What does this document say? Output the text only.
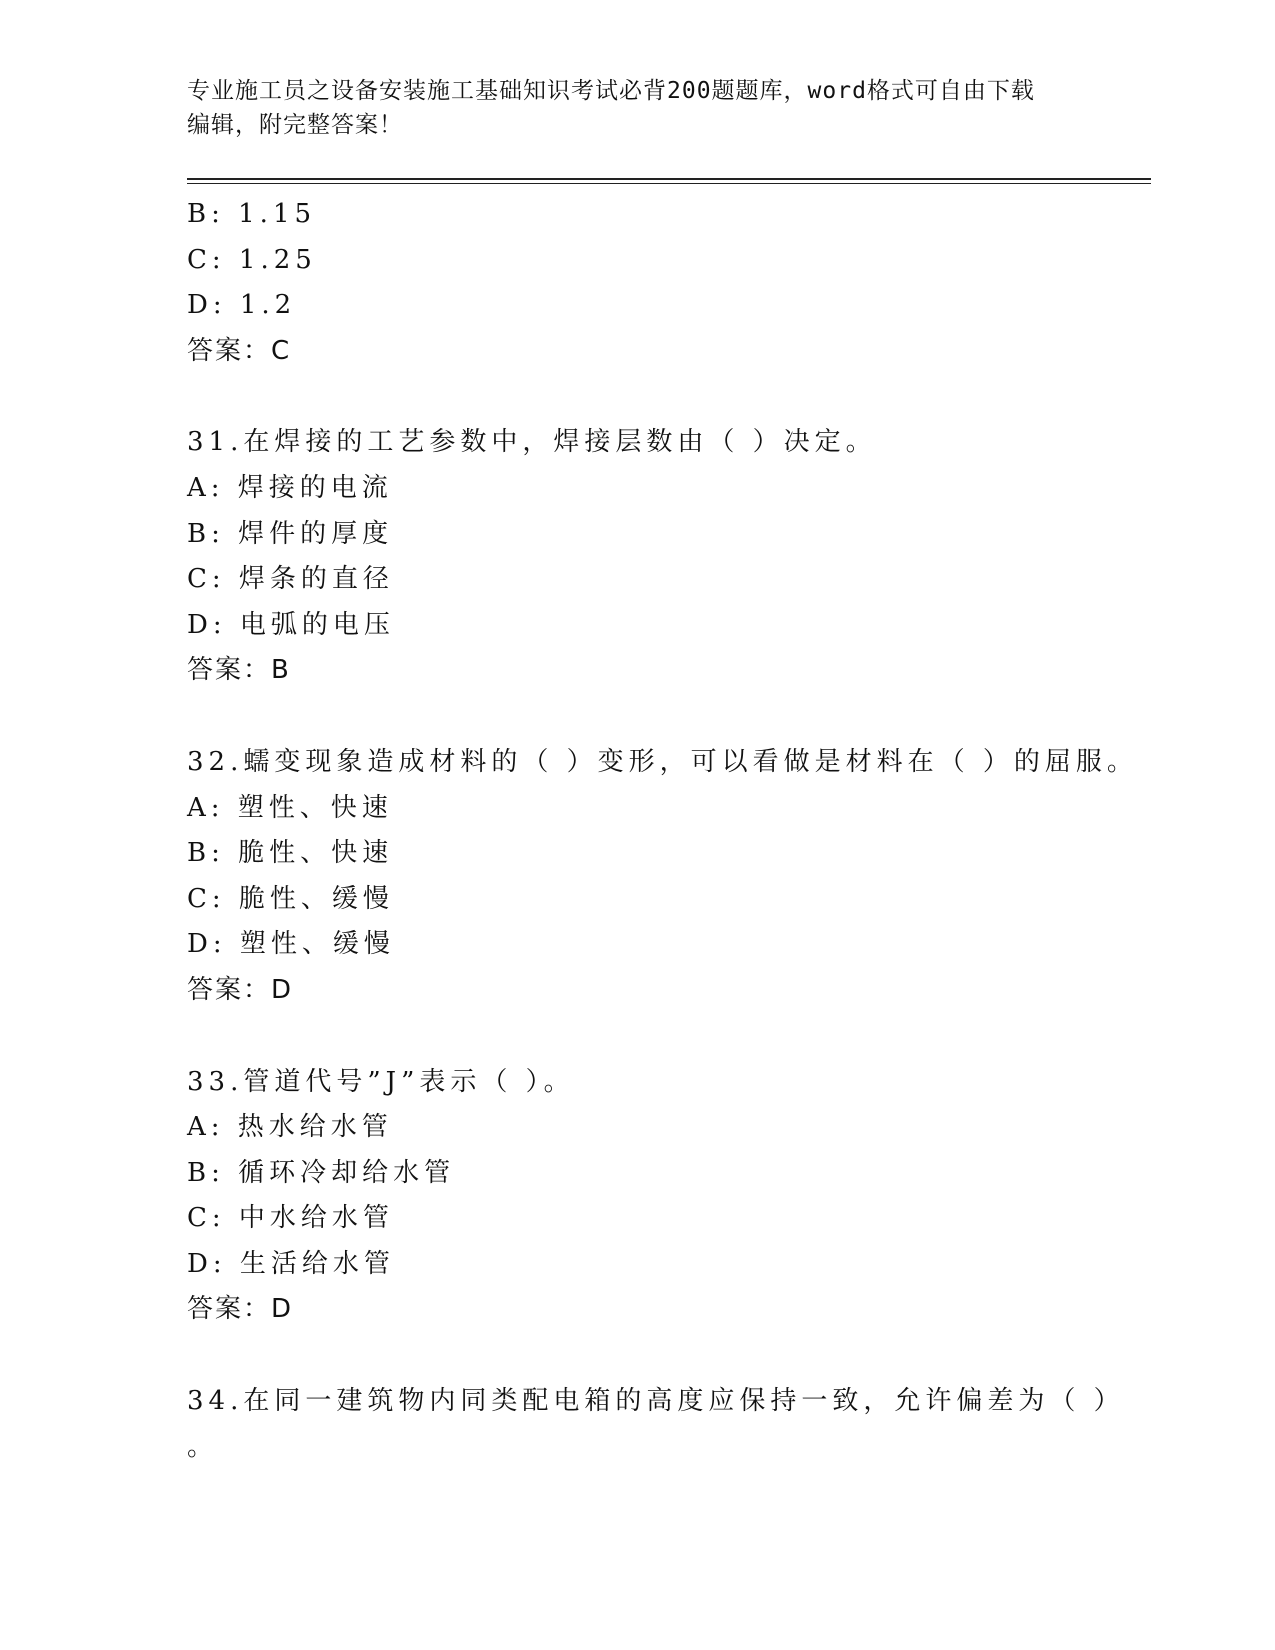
专业施工员之设备安装施工基础知识考试必背200题题库，word格式可自由下载
编辑，附完整答案！
B: 1.15
C: 1.25
D: 1.2
答案：C
31.在焊接的工艺参数中，焊接层数由（ ）决定。
A: 焊接的电流
B: 焊件的厚度
C: 焊条的直径
D: 电弧的电压
答案：B
32.蠕变现象造成材料的（ ）变形，可以看做是材料在（ ）的屈服。
A: 塑性、快速
B: 脆性、快速
C: 脆性、缓慢
D: 塑性、缓慢
答案：D
33.管道代号”J”表示（ ）。
A: 热水给水管
B: 循环冷却给水管
C: 中水给水管
D: 生活给水管
答案：D
34.在同一建筑物内同类配电箱的高度应保持一致，允许偏差为（ ）
。
